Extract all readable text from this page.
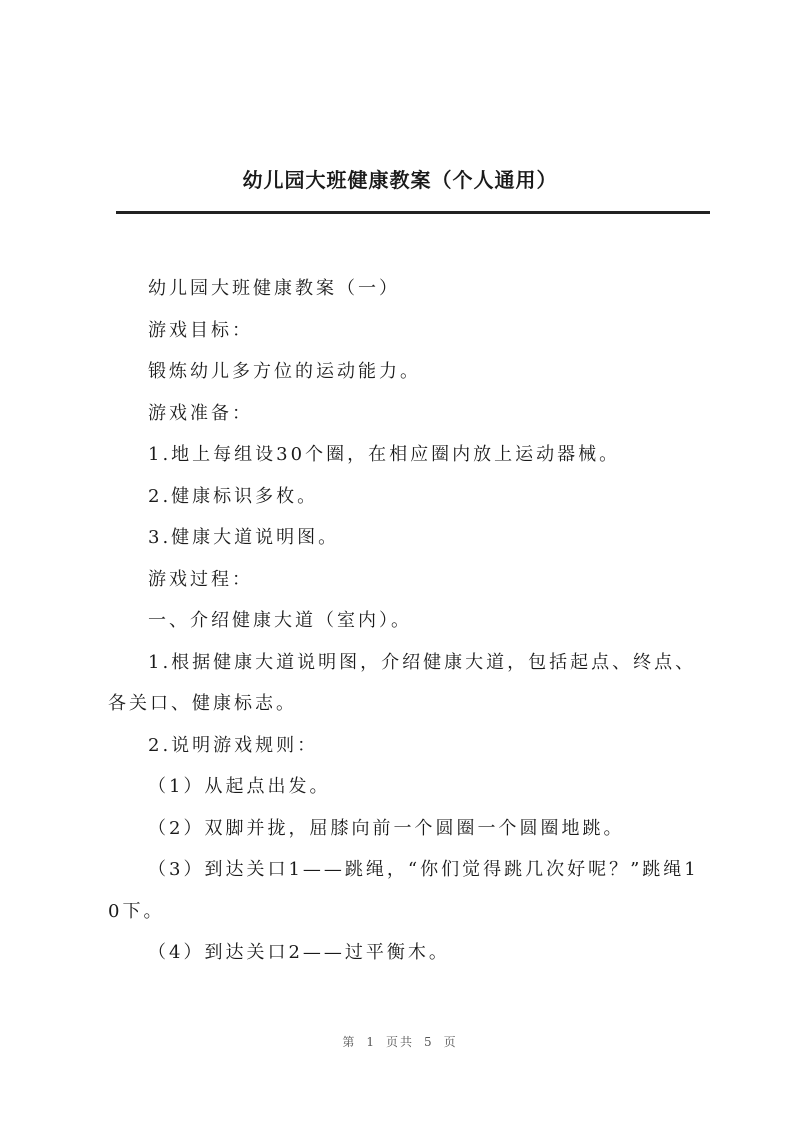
幼儿园大班健康教案（个人通用）

幼儿园大班健康教案（一）

游戏目标：

锻炼幼儿多方位的运动能力。

游戏准备：

1.地上每组设30个圈，在相应圈内放上运动器械。

2.健康标识多枚。

3.健康大道说明图。

游戏过程：

一、介绍健康大道（室内）。

1.根据健康大道说明图，介绍健康大道，包括起点、终点、各关口、健康标志。

2.说明游戏规则：

（1）从起点出发。

（2）双脚并拢，屈膝向前一个圆圈一个圆圈地跳。

（3）到达关口1——跳绳，“你们觉得跳几次好呢？”跳绳10下。

（4）到达关口2——过平衡木。

第 1 页共 5 页
